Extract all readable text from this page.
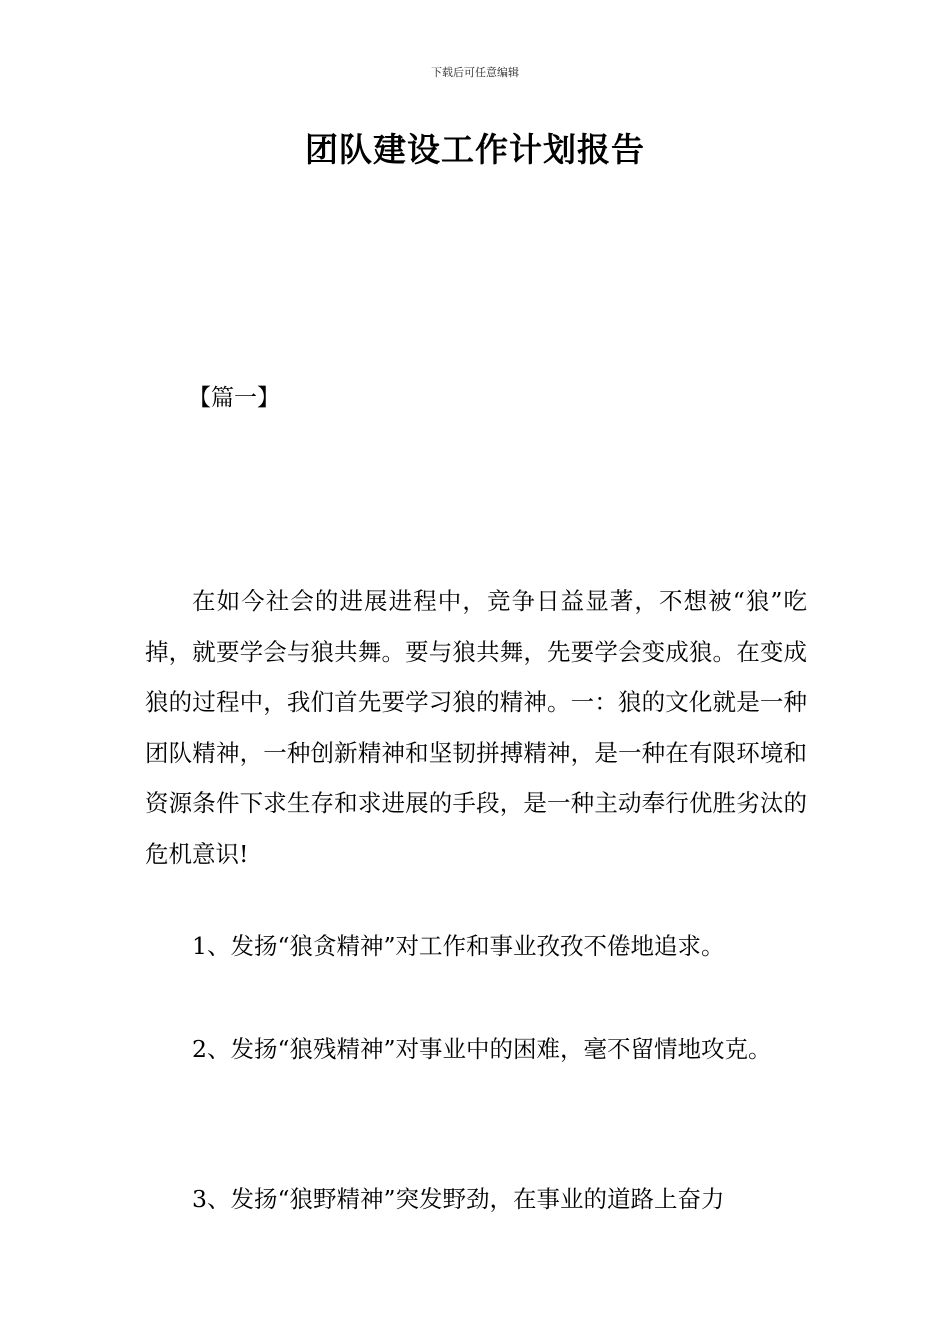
下载后可任意编辑
团队建设工作计划报告

【篇一】

在如今社会的进展进程中，竞争日益显著，不想被“狼”吃掉，就要学会与狼共舞。要与狼共舞，先要学会变成狼。在变成狼的过程中，我们首先要学习狼的精神。一：狼的文化就是一种团队精神，一种创新精神和坚韧拼搏精神，是一种在有限环境和资源条件下求生存和求进展的手段，是一种主动奉行优胜劣汰的危机意识!

1、发扬“狼贪精神”对工作和事业孜孜不倦地追求。

2、发扬“狼残精神”对事业中的困难，毫不留情地攻克。

3、发扬“狼野精神”突发野劲，在事业的道路上奋力
